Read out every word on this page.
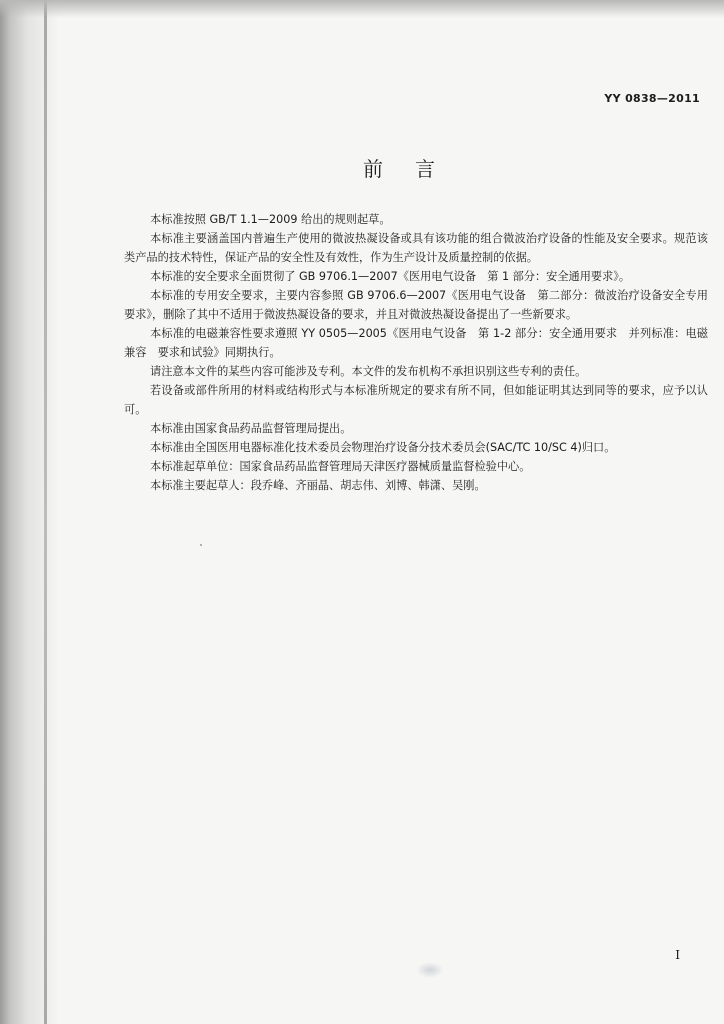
YY 0838—2011
前言

本标准按照 GB/T 1.1—2009 给出的规则起草。

本标准主要涵盖国内普遍生产使用的微波热凝设备或具有该功能的组合微波治疗设备的性能及安全要求。规范该类产品的技术特性，保证产品的安全性及有效性，作为生产设计及质量控制的依据。

本标准的安全要求全面贯彻了 GB 9706.1—2007《医用电气设备　第 1 部分：安全通用要求》。

本标准的专用安全要求，主要内容参照 GB 9706.6—2007《医用电气设备　第二部分：微波治疗设备安全专用要求》，删除了其中不适用于微波热凝设备的要求，并且对微波热凝设备提出了一些新要求。

本标准的电磁兼容性要求遵照 YY 0505—2005《医用电气设备　第 1-2 部分：安全通用要求　并列标准：电磁兼容　要求和试验》同期执行。

请注意本文件的某些内容可能涉及专利。本文件的发布机构不承担识别这些专利的责任。

若设备或部件所用的材料或结构形式与本标准所规定的要求有所不同，但如能证明其达到同等的要求，应予以认可。

本标准由国家食品药品监督管理局提出。

本标准由全国医用电器标准化技术委员会物理治疗设备分技术委员会(SAC/TC 10/SC 4)归口。

本标准起草单位：国家食品药品监督管理局天津医疗器械质量监督检验中心。

本标准主要起草人：段乔峰、齐丽晶、胡志伟、刘博、韩潇、吴刚。

I
